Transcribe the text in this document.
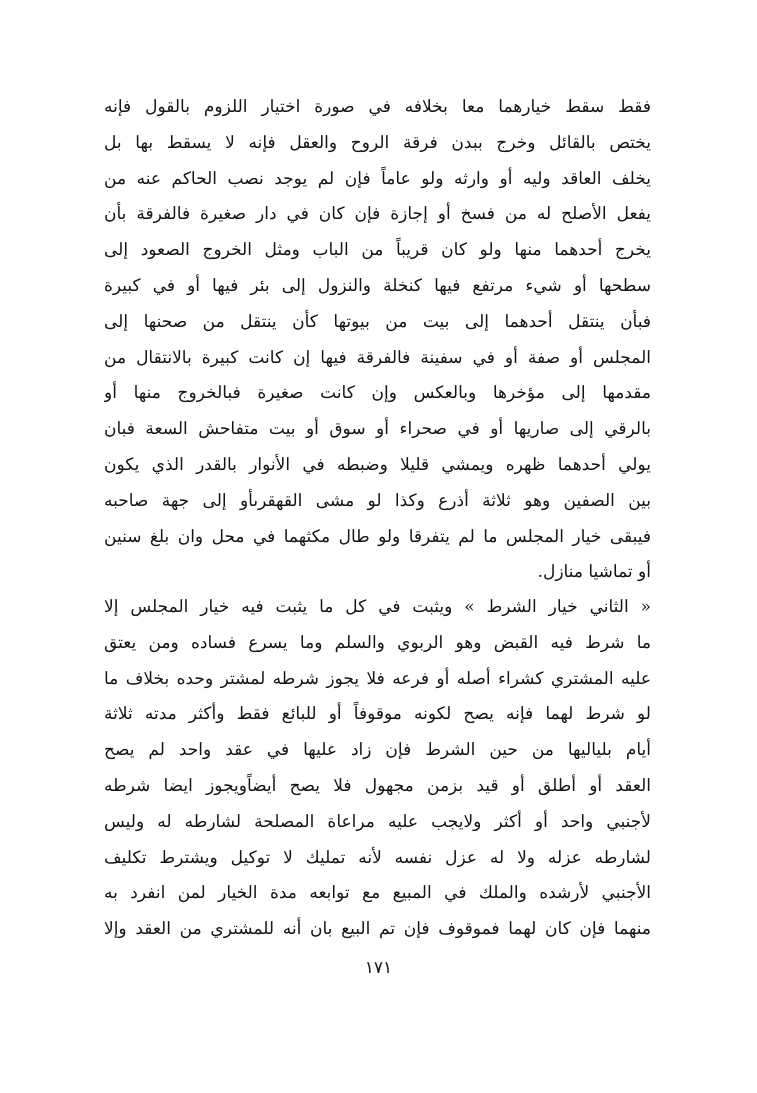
فقط سقط خيارهما معا بخلافه في صورة اختيار اللزوم بالقول فإنه
يختص بالقائل وخرج ببدن فرقة الروح والعقل فإنه لا يسقط بها بل
يخلف العاقد وليه أو وارثه ولو عاماً فإن لم يوجد نصب الحاكم عنه من
يفعل الأصلح له من فسخ أو إجازة فإن كان في دار صغيرة فالفرقة بأن
يخرج أحدهما منها ولو كان قريباً من الباب ومثل الخروج الصعود إلى
سطحها أو شيء مرتفع فيها كنخلة والنزول إلى بئر فيها أو في كبيرة
فبأن ينتقل أحدهما إلى بيت من بيوتها كأن ينتقل من صحنها إلى
المجلس أو صفة أو في سفينة فالفرقة فيها إن كانت كبيرة بالانتقال من
مقدمها إلى مؤخرها وبالعكس وإن كانت صغيرة فبالخروج منها أو
بالرقي إلى صاريها أو في صحراء أو سوق أو بيت متفاحش السعة فبان
يولي أحدهما ظهره ويمشي قليلا وضبطه في الأنوار بالقدر الذي يكون
بين الصفين وهو ثلاثة أذرع وكذا لو مشى القهقرىأو إلى جهة صاحبه
فيبقى خيار المجلس ما لم يتفرقا ولو طال مكثهما في محل وان بلغ سنين
أو تماشيا منازل.
« الثاني خيار الشرط » ويثبت في كل ما يثبت فيه خيار المجلس إلا
ما شرط فيه القبض وهو الربوي والسلم وما يسرع فساده ومن يعتق
عليه المشتري كشراء أصله أو فرعه فلا يجوز شرطه لمشتر وحده بخلاف ما
لو شرط لهما فإنه يصح لكونه موقوفاً أو للبائع فقط وأكثر مدته ثلاثة
أيام بلياليها من حين الشرط فإن زاد عليها في عقد واحد لم يصح
العقد أو أطلق أو قيد بزمن مجهول فلا يصح أيضاًويجوز ايضا شرطه
لأجنبي واحد أو أكثر ولايجب عليه مراعاة المصلحة لشارطه له وليس
لشارطه عزله ولا له عزل نفسه لأنه تمليك لا توكيل ويشترط تكليف
الأجنبي لأرشده والملك في المبيع مع توابعه مدة الخيار لمن انفرد به
منهما فإن كان لهما فموقوف فإن تم البيع بان أنه للمشتري من العقد وإلا
١٧١
